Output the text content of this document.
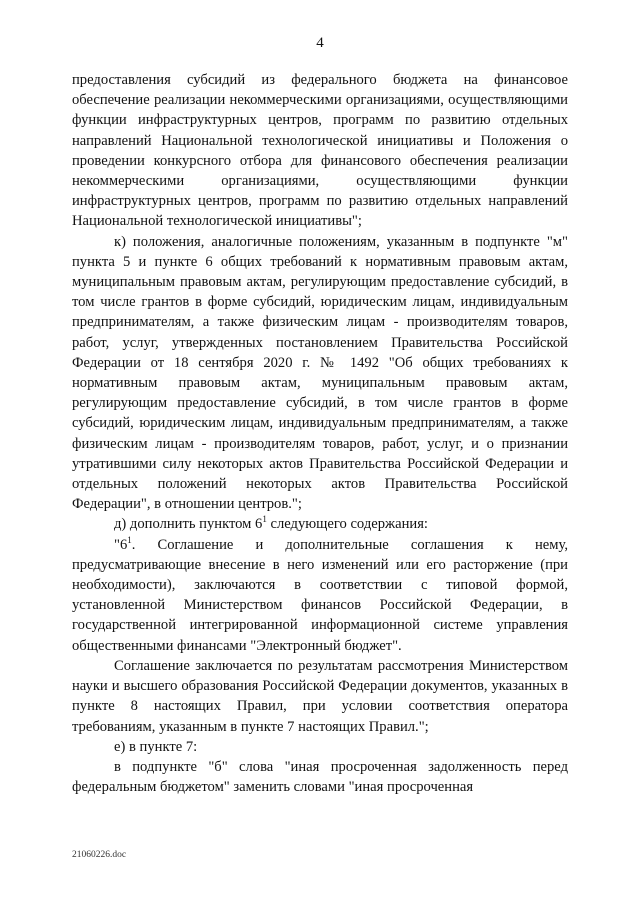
4

предоставления субсидий из федерального бюджета на финансовое обеспечение реализации некоммерческими организациями, осуществляющими функции инфраструктурных центров, программ по развитию отдельных направлений Национальной технологической инициативы и Положения о проведении конкурсного отбора для финансового обеспечения реализации некоммерческими организациями, осуществляющими функции инфраструктурных центров, программ по развитию отдельных направлений Национальной технологической инициативы";

к) положения, аналогичные положениям, указанным в подпункте "м" пункта 5 и пункте 6 общих требований к нормативным правовым актам, муниципальным правовым актам, регулирующим предоставление субсидий, в том числе грантов в форме субсидий, юридическим лицам, индивидуальным предпринимателям, а также физическим лицам - производителям товаров, работ, услуг, утвержденных постановлением Правительства Российской Федерации от 18 сентября 2020 г. № 1492 "Об общих требованиях к нормативным правовым актам, муниципальным правовым актам, регулирующим предоставление субсидий, в том числе грантов в форме субсидий, юридическим лицам, индивидуальным предпринимателям, а также физическим лицам - производителям товаров, работ, услуг, и о признании утратившими силу некоторых актов Правительства Российской Федерации и отдельных положений некоторых актов Правительства Российской Федерации", в отношении центров.";

д) дополнить пунктом $6^1$ следующего содержания:

"$6^1$. Соглашение и дополнительные соглашения к нему, предусматривающие внесение в него изменений или его расторжение (при необходимости), заключаются в соответствии с типовой формой, установленной Министерством финансов Российской Федерации, в государственной интегрированной информационной системе управления общественными финансами "Электронный бюджет".

Соглашение заключается по результатам рассмотрения Министерством науки и высшего образования Российской Федерации документов, указанных в пункте 8 настоящих Правил, при условии соответствия оператора требованиям, указанным в пункте 7 настоящих Правил.";

е) в пункте 7:

в подпункте "б" слова "иная просроченная задолженность перед федеральным бюджетом" заменить словами "иная просроченная

21060226.doc
